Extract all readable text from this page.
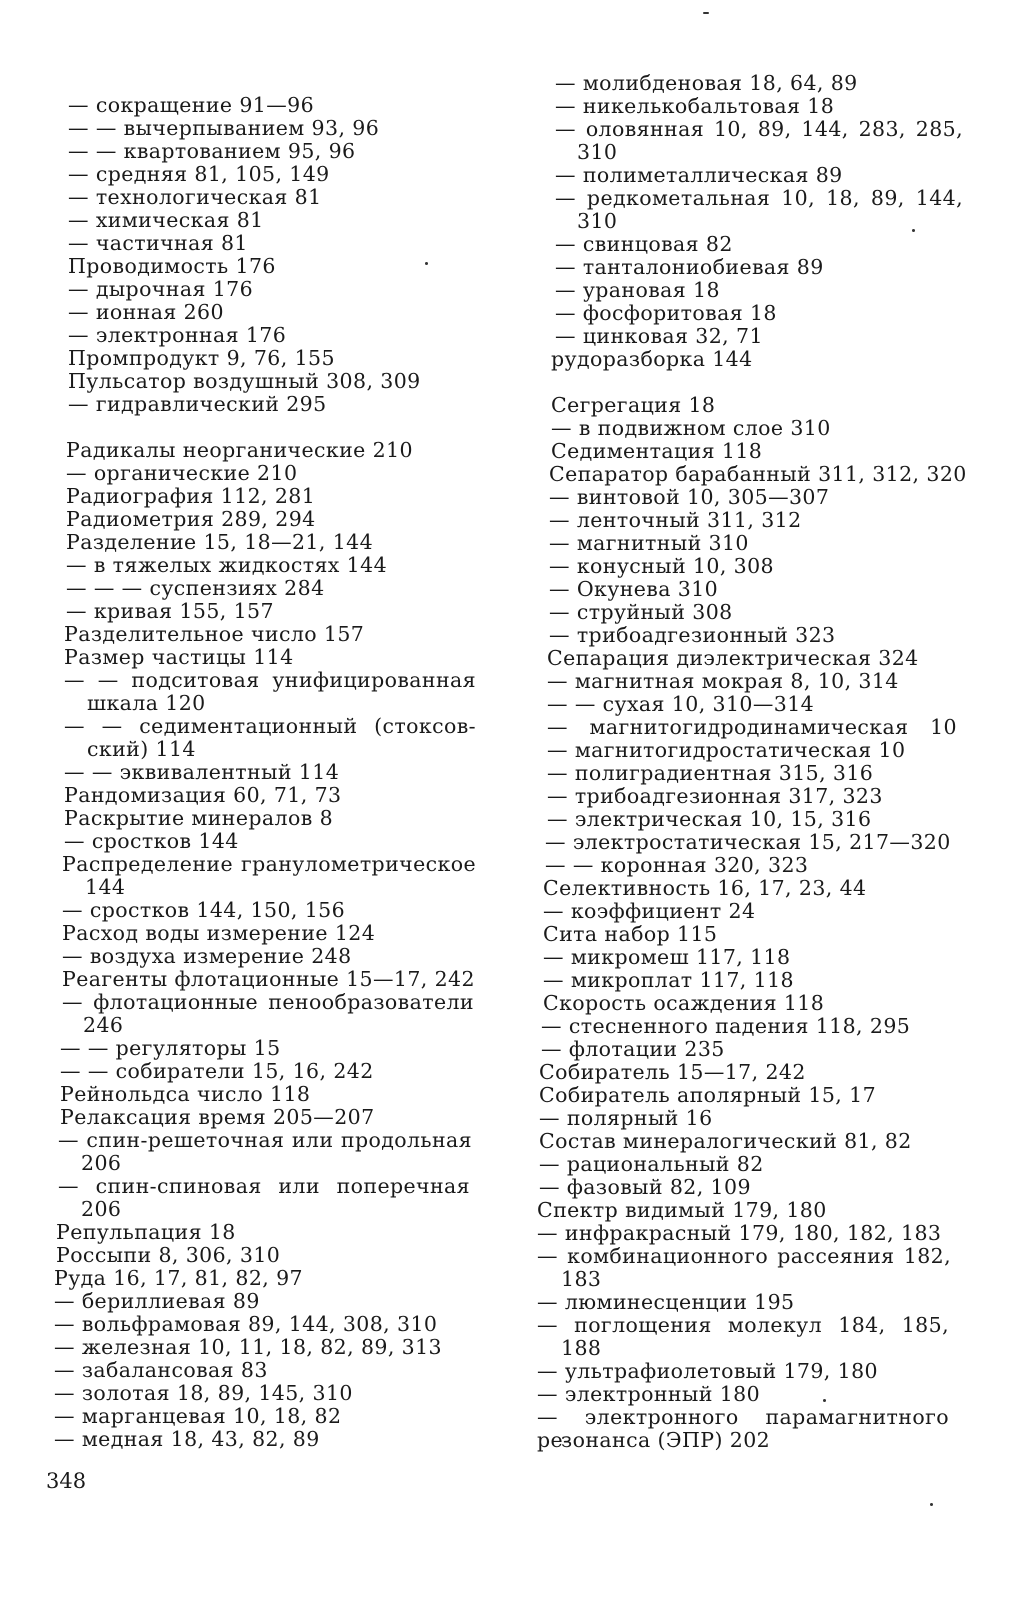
— сокращение 91—96
— — вычерпыванием 93, 96
— — квартованием 95, 96
— средняя 81, 105, 149
— технологическая 81
— химическая 81
— частичная 81
Проводимость 176
— дырочная 176
— ионная 260
— электронная 176
Промпродукт 9, 76, 155
Пульсатор воздушный 308, 309
— гидравлический 295
Радикалы неорганические 210
— органические 210
Радиография 112, 281
Радиометрия 289, 294
Разделение 15, 18—21, 144
— в тяжелых жидкостях 144
— — — суспензиях 284
— кривая 155, 157
Разделительное число 157
Размер частицы 114
— — подситовая унифицированная
шкала 120
— — седиментационный (стоксов-
ский) 114
— — эквивалентный 114
Рандомизация 60, 71, 73
Раскрытие минералов 8
— сростков 144
Распределение гранулометрическое
144
— сростков 144, 150, 156
Расход воды измерение 124
— воздуха измерение 248
Реагенты флотационные 15—17, 242
— флотационные пенообразователи
246
— — регуляторы 15
— — собиратели 15, 16, 242
Рейнольдса число 118
Релаксация время 205—207
— спин-решеточная или продольная
206
— спин-спиновая или поперечная
206
Репульпация 18
Россыпи 8, 306, 310
Руда 16, 17, 81, 82, 97
— бериллиевая 89
— вольфрамовая 89, 144, 308, 310
— железная 10, 11, 18, 82, 89, 313
— забалансовая 83
— золотая 18, 89, 145, 310
— марганцевая 10, 18, 82
— медная 18, 43, 82, 89
— молибденовая 18, 64, 89
— никелькобальтовая 18
— оловянная 10, 89, 144, 283, 285,
310
— полиметаллическая 89
— редкометальная 10, 18, 89, 144,
310
— свинцовая 82
— танталониобиевая 89
— урановая 18
— фосфоритовая 18
— цинковая 32, 71
рудоразборка 144
Сегрегация 18
— в подвижном слое 310
Седиментация 118
Сепаратор барабанный 311, 312, 320
— винтовой 10, 305—307
— ленточный 311, 312
— магнитный 310
— конусный 10, 308
— Окунева 310
— струйный 308
— трибоадгезионный 323
Сепарация диэлектрическая 324
— магнитная мокрая 8, 10, 314
— — сухая 10, 310—314
— магнитогидродинамическая 10
— магнитогидростатическая 10
— полиградиентная 315, 316
— трибоадгезионная 317, 323
— электрическая 10, 15, 316
— электростатическая 15, 217—320
— — коронная 320, 323
Селективность 16, 17, 23, 44
— коэффициент 24
Сита набор 115
— микромеш 117, 118
— микроплат 117, 118
Скорость осаждения 118
— стесненного падения 118, 295
— флотации 235
Собиратель 15—17, 242
Собиратель аполярный 15, 17
— полярный 16
Состав минералогический 81, 82
— рациональный 82
— фазовый 82, 109
Спектр видимый 179, 180
— инфракрасный 179, 180, 182, 183
— комбинационного рассеяния 182,
183
— люминесценции 195
— поглощения молекул 184, 185,
188
— ультрафиолетовый 179, 180
— электронный 180
— электронного парамагнитного ре-
зонанса (ЭПР) 202
348
